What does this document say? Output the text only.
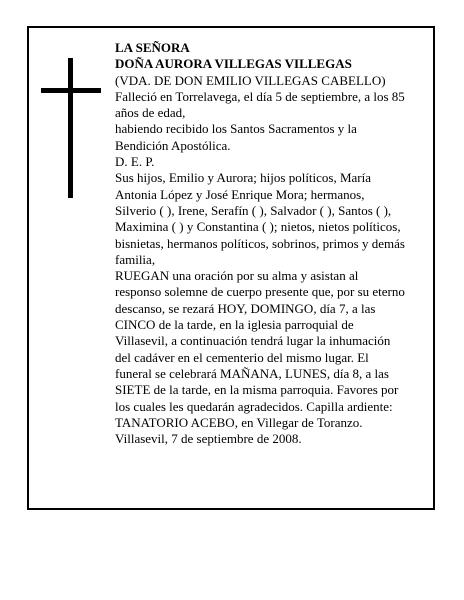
LA SEÑORA
DOÑA AURORA VILLEGAS VILLEGAS
(VDA. DE DON EMILIO VILLEGAS CABELLO)
Falleció en Torrelavega, el día 5 de septiembre, a los 85
años de edad,
habiendo recibido los Santos Sacramentos y la
Bendición Apostólica.
D. E. P.
Sus hijos, Emilio y Aurora; hijos políticos, María
Antonia López y José Enrique Mora; hermanos,
Silverio ( ), Irene, Serafín ( ), Salvador ( ), Santos ( ),
Maximina ( ) y Constantina ( ); nietos, nietos políticos,
bisnietas, hermanos políticos, sobrinos, primos y demás
familia,
RUEGAN una oración por su alma y asistan al
responso solemne de cuerpo presente que, por su eterno
descanso, se rezará HOY, DOMINGO, día 7, a las
CINCO de la tarde, en la iglesia parroquial de
Villasevil, a continuación tendrá lugar la inhumación
del cadáver en el cementerio del mismo lugar. El
funeral se celebrará MAÑANA, LUNES, día 8, a las
SIETE de la tarde, en la misma parroquia. Favores por
los cuales les quedarán agradecidos. Capilla ardiente:
TANATORIO ACEBO, en Villegar de Toranzo.
Villasevil, 7 de septiembre de 2008.
